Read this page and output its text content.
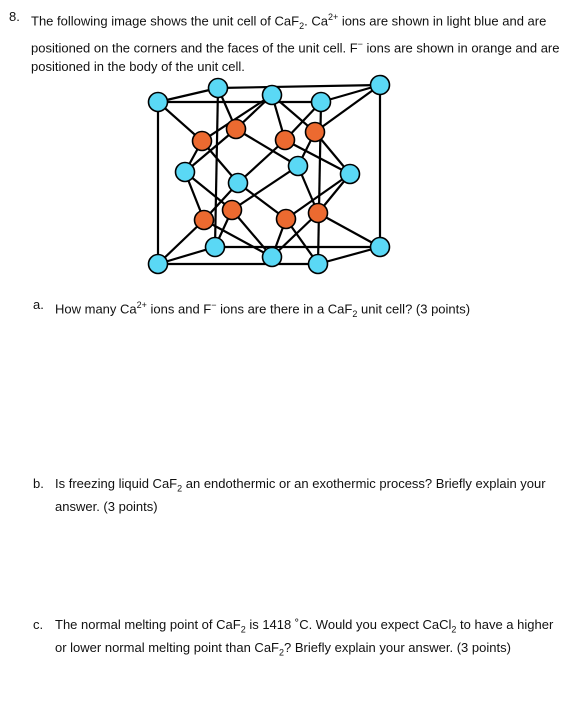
8. The following image shows the unit cell of CaF$_2$. $Ca^{2+}$ ions are shown in light blue and are positioned on the corners and the faces of the unit cell. F− ions are shown in orange and are positioned in the body of the unit cell.
a. How many $Ca^{2+}$ ions and F− ions are there in a CaF$_2$ unit cell? (3 points)
b. Is freezing liquid CaF$_2$ an endothermic or an exothermic process? Briefly explain your answer. (3 points)
c. The normal melting point of CaF$_2$ is 1418 ˚C. Would you expect CaCl$_2$ to have a higher or lower normal melting point than CaF$_2$? Briefly explain your answer. (3 points)
